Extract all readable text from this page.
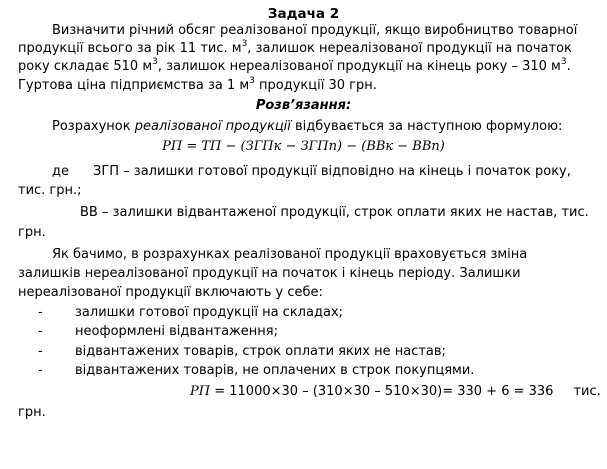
Задача 2
Визначити річний обсяг реалізованої продукції, якщо виробництво товарної
продукції всього за рік 11 тис. $м^3$, залишок нереалізованої продукції на початок
року складає 510 $м^3$, залишок нереалізованої продукції на кінець року – 310 $м^3$.
Гуртова ціна підприємства за 1 $м^3$ продукції 30 грн.
Розв’язання:
Розрахунок реалізованої продукції відбувається за наступною формулою:
РП = ТП − (ЗГПк − ЗГПп) − (ВВк − ВВп)
де ЗГП – залишки готової продукції відповідно на кінець і початок року,
тис. грн.;
ВВ – залишки відвантаженої продукції, строк оплати яких не настав, тис.
грн.
Як бачимо, в розрахунках реалізованої продукції враховується зміна
залишків нереалізованої продукції на початок і кінець періоду. Залишки
нереалізованої продукції включають у себе:
- залишки готової продукції на складах;
- неоформлені відвантаження;
- відвантажених товарів, строк оплати яких не настав;
- відвантажених товарів, не оплачених в строк покупцями.
РП = 11000×30 – (310×30 – 510×30)= 330 + 6 = 336 тис.
грн.
